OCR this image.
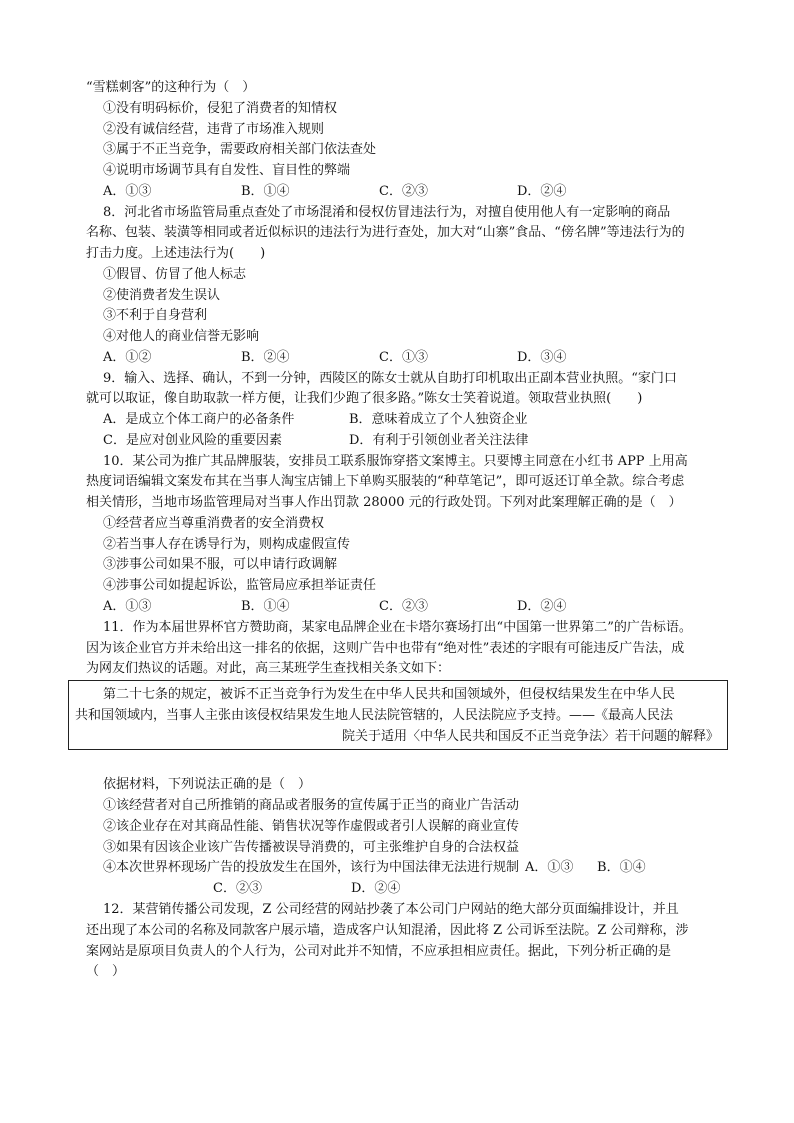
“雪糕刺客”的这种行为（　）
①没有明码标价，侵犯了消费者的知情权
②没有诚信经营，违背了市场准入规则
③属于不正当竞争，需要政府相关部门依法查处
④说明市场调节具有自发性、盲目性的弊端
A．①③	B．①④	C．②③	D．②④
8．河北省市场监管局重点查处了市场混淆和侵权仿冒违法行为，对擅自使用他人有一定影响的商品
名称、包装、装潢等相同或者近似标识的违法行为进行查处，加大对“山寨”食品、“傍名牌”等违法行为的
打击力度。上述违法行为(　　)
①假冒、仿冒了他人标志
②使消费者发生误认
③不利于自身营利
④对他人的商业信誉无影响
A．①②	B．②④	C．①③	D．③④
9．输入、选择、确认，不到一分钟，西陵区的陈女士就从自助打印机取出正副本营业执照。“家门口
就可以取证，像自助取款一样方便，让我们少跑了很多路。”陈女士笑着说道。领取营业执照(　　)
A．是成立个体工商户的必备条件	B．意味着成立了个人独资企业
C．是应对创业风险的重要因素	D．有利于引领创业者关注法律
10．某公司为推广其品牌服装，安排员工联系服饰穿搭文案博主。只要博主同意在小红书 APP 上用高
热度词语编辑文案发布其在当事人淘宝店铺上下单购买服装的“种草笔记”，即可返还订单全款。综合考虑
相关情形，当地市场监管理局对当事人作出罚款 28000 元的行政处罚。下列对此案理解正确的是（　）
①经营者应当尊重消费者的安全消费权
②若当事人存在诱导行为，则构成虚假宣传
③涉事公司如果不服，可以申请行政调解
④涉事公司如提起诉讼，监管局应承担举证责任
A．①③	B．①④	C．②③	D．②④
11．作为本届世界杯官方赞助商，某家电品牌企业在卡塔尔赛场打出“中国第一世界第二”的广告标语。
因为该企业官方并未给出这一排名的依据，这则广告中也带有“绝对性”表述的字眼有可能违反广告法，成
为网友们热议的话题。对此，高三某班学生查找相关条文如下：
第二十七条的规定，被诉不正当竞争行为发生在中华人民共和国领域外，但侵权结果发生在中华人民
共和国领域内，当事人主张由该侵权结果发生地人民法院管辖的，人民法院应予支持。——《最高人民法
院关于适用〈中华人民共和国反不正当竞争法〉若干问题的解释》
依据材料，下列说法正确的是（　）
①该经营者对自己所推销的商品或者服务的宣传属于正当的商业广告活动
②该企业存在对其商品性能、销售状况等作虚假或者引人误解的商业宣传
③如果有因该企业该广告传播被误导消费的，可主张维护自身的合法权益
④本次世界杯现场广告的投放发生在国外，该行为中国法律无法进行规制 A．①③ B．①④
C．②③	D．②④
12．某营销传播公司发现，Z 公司经营的网站抄袭了本公司门户网站的绝大部分页面编排设计，并且
还出现了本公司的名称及同款客户展示墙，造成客户认知混淆，因此将 Z 公司诉至法院。Z 公司辩称，涉
案网站是原项目负责人的个人行为，公司对此并不知情，不应承担相应责任。据此，下列分析正确的是
（　）
